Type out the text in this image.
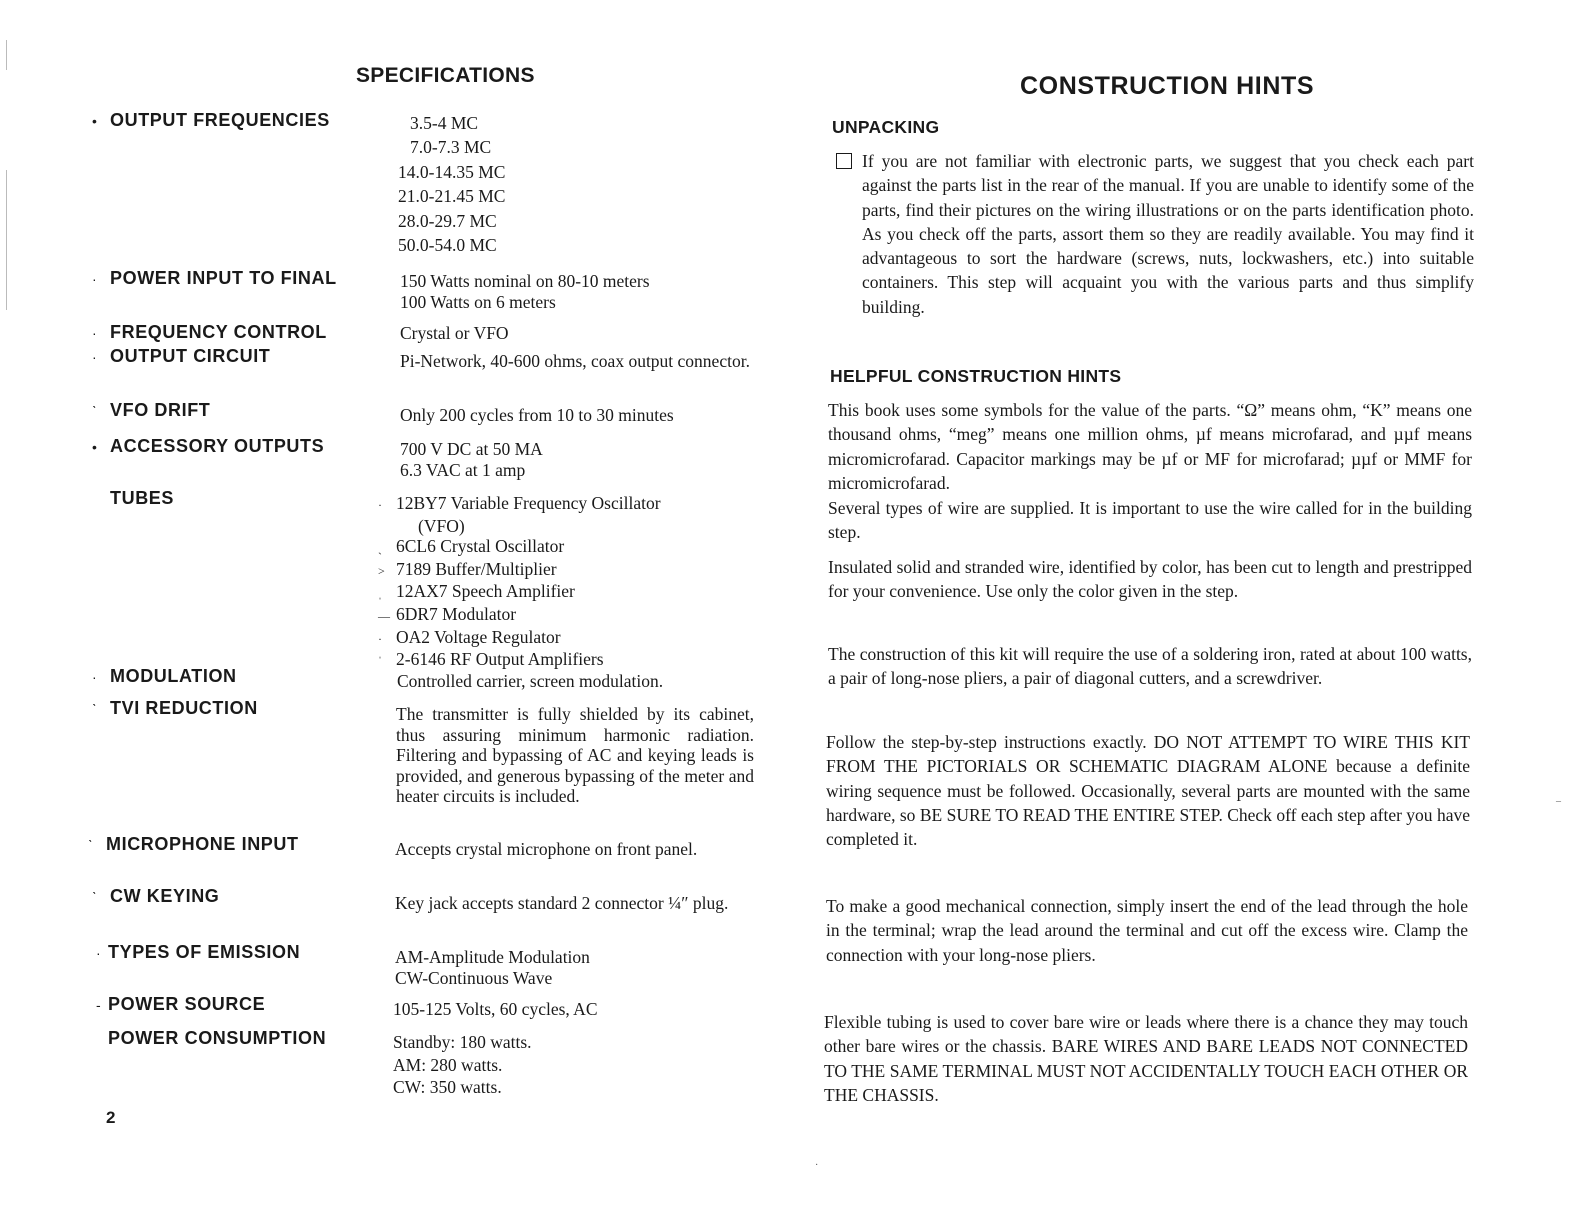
SPECIFICATIONS
• OUTPUT FREQUENCIES	3.5-4 MC
7.0-7.3 MC
14.0-14.35 MC
21.0-21.45 MC
28.0-29.7 MC
50.0-54.0 MC
· POWER INPUT TO FINAL	150 Watts nominal on 80-10 meters
100 Watts on 6 meters
· FREQUENCY CONTROL	Crystal or VFO
· OUTPUT CIRCUIT	Pi-Network, 40-600 ohms, coax output connector.
ˋ VFO DRIFT	Only 200 cycles from 10 to 30 minutes
• ACCESSORY OUTPUTS	700 V DC at 50 MA
6.3 VAC at 1 amp
TUBES	· 12BY7 Variable Frequency Oscillator
(VFO)
ˎ 6CL6 Crystal Oscillator
˃ 7189 Buffer/Multiplier
ˌ 12AX7 Speech Amplifier
— 6DR7 Modulator
· OA2 Voltage Regulator
ˈ 2-6146 RF Output Amplifiers
· MODULATION	Controlled carrier, screen modulation.
ˋ TVI REDUCTION	The transmitter is fully shielded by its cabinet, thus assuring minimum harmonic radiation. Filtering and bypassing of AC and keying leads is provided, and generous bypassing of the meter and heater circuits is included.
ˋ MICROPHONE INPUT	Accepts crystal microphone on front panel.
ˋ CW KEYING	Key jack accepts standard 2 connector ¼″ plug.
· TYPES OF EMISSION	AM-Amplitude Modulation
CW-Continuous Wave
- POWER SOURCE	105-125 Volts, 60 cycles, AC
POWER CONSUMPTION	Standby: 180 watts.
AM: 280 watts.
CW: 350 watts.
2
CONSTRUCTION HINTS
UNPACKING
If you are not familiar with electronic parts, we suggest that you check each part against the parts list in the rear of the manual. If you are unable to identify some of the parts, find their pictures on the wiring illustrations or on the parts identification photo. As you check off the parts, assort them so they are readily available. You may find it advantageous to sort the hardware (screws, nuts, lockwashers, etc.) into suitable containers. This step will acquaint you with the various parts and thus simplify building.
HELPFUL CONSTRUCTION HINTS
This book uses some symbols for the value of the parts. “Ω” means ohm, “K” means one thousand ohms, “meg” means one million ohms, µf means microfarad, and µµf means micromicrofarad. Capacitor markings may be µf or MF for microfarad; µµf or MMF for micromicrofarad.
Several types of wire are supplied. It is important to use the wire called for in the building step.
Insulated solid and stranded wire, identified by color, has been cut to length and prestripped for your convenience. Use only the color given in the step.
The construction of this kit will require the use of a soldering iron, rated at about 100 watts, a pair of long-nose pliers, a pair of diagonal cutters, and a screwdriver.
Follow the step-by-step instructions exactly. DO NOT ATTEMPT TO WIRE THIS KIT FROM THE PICTORIALS OR SCHEMATIC DIAGRAM ALONE because a definite wiring sequence must be followed. Occasionally, several parts are mounted with the same hardware, so BE SURE TO READ THE ENTIRE STEP. Check off each step after you have completed it.
To make a good mechanical connection, simply insert the end of the lead through the hole in the terminal; wrap the lead around the terminal and cut off the excess wire. Clamp the connection with your long-nose pliers.
Flexible tubing is used to cover bare wire or leads where there is a chance they may touch other bare wires or the chassis. BARE WIRES AND BARE LEADS NOT CONNECTED TO THE SAME TERMINAL MUST NOT ACCIDENTALLY TOUCH EACH OTHER OR THE CHASSIS.
·
–
